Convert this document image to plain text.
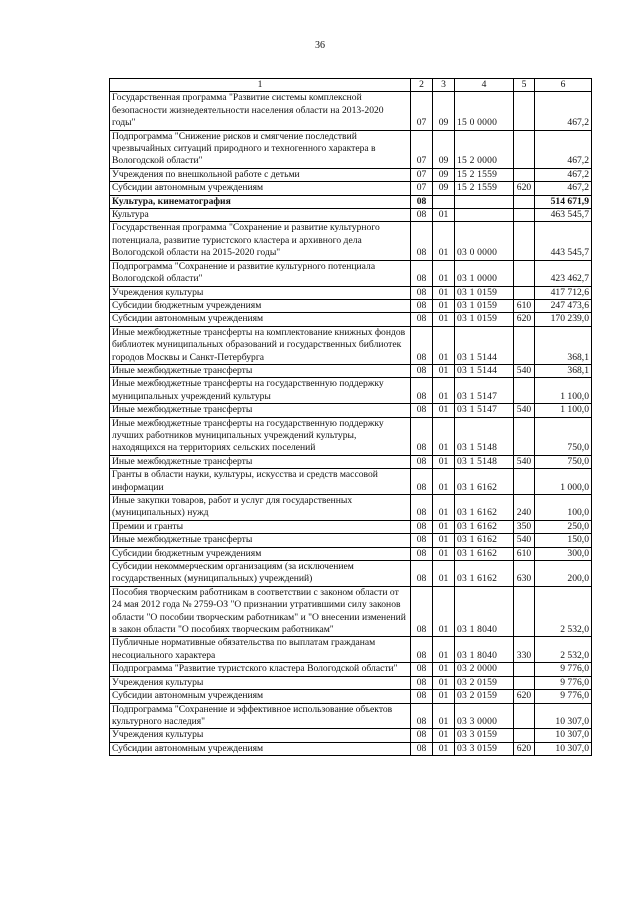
36
1	2	3	4	5	6
Государственная программа "Развитие системы комплексной безопасности жизнедеятельности населения области на 2013-2020 годы"	07	09	15 0 0000		467,2
Подпрограмма "Снижение рисков и смягчение последствий чрезвычайных ситуаций природного и техногенного характера в Вологодской области"	07	09	15 2 0000		467,2
Учреждения по внешкольной работе с детьми	07	09	15 2 1559		467,2
Субсидии автономным учреждениям	07	09	15 2 1559	620	467,2
Культура, кинематография	08				514 671,9
Культура	08	01			463 545,7
Государственная программа "Сохранение и развитие культурного потенциала, развитие туристского кластера и архивного дела Вологодской области на 2015-2020 годы"	08	01	03 0 0000		443 545,7
Подпрограмма "Сохранение и развитие культурного потенциала Вологодской области"	08	01	03 1 0000		423 462,7
Учреждения культуры	08	01	03 1 0159		417 712,6
Субсидии бюджетным учреждениям	08	01	03 1 0159	610	247 473,6
Субсидии автономным учреждениям	08	01	03 1 0159	620	170 239,0
Иные межбюджетные трансферты на комплектование книжных фондов библиотек муниципальных образований и государственных библиотек городов Москвы и Санкт-Петербурга	08	01	03 1 5144		368,1
Иные межбюджетные трансферты	08	01	03 1 5144	540	368,1
Иные межбюджетные трансферты на государственную поддержку муниципальных учреждений культуры	08	01	03 1 5147		1 100,0
Иные межбюджетные трансферты	08	01	03 1 5147	540	1 100,0
Иные межбюджетные трансферты на государственную поддержку лучших работников муниципальных учреждений культуры, находящихся на территориях сельских поселений	08	01	03 1 5148		750,0
Иные межбюджетные трансферты	08	01	03 1 5148	540	750,0
Гранты в области науки, культуры, искусства и средств массовой информации	08	01	03 1 6162		1 000,0
Иные закупки товаров, работ и услуг для государственных (муниципальных) нужд	08	01	03 1 6162	240	100,0
Премии и гранты	08	01	03 1 6162	350	250,0
Иные межбюджетные трансферты	08	01	03 1 6162	540	150,0
Субсидии бюджетным учреждениям	08	01	03 1 6162	610	300,0
Субсидии некоммерческим организациям (за исключением государственных (муниципальных) учреждений)	08	01	03 1 6162	630	200,0
Пособия творческим работникам в соответствии с законом области от 24 мая 2012 года № 2759-ОЗ "О признании утратившими силу законов области "О пособии творческим работникам" и "О внесении изменений в закон области "О пособиях творческим работникам"	08	01	03 1 8040		2 532,0
Публичные нормативные обязательства по выплатам гражданам несоциального характера	08	01	03 1 8040	330	2 532,0
Подпрограмма "Развитие туристского кластера Вологодской области"	08	01	03 2 0000		9 776,0
Учреждения культуры	08	01	03 2 0159		9 776,0
Субсидии автономным учреждениям	08	01	03 2 0159	620	9 776,0
Подпрограмма "Сохранение и эффективное использование объектов культурного наследия"	08	01	03 3 0000		10 307,0
Учреждения культуры	08	01	03 3 0159		10 307,0
Субсидии автономным учреждениям	08	01	03 3 0159	620	10 307,0
